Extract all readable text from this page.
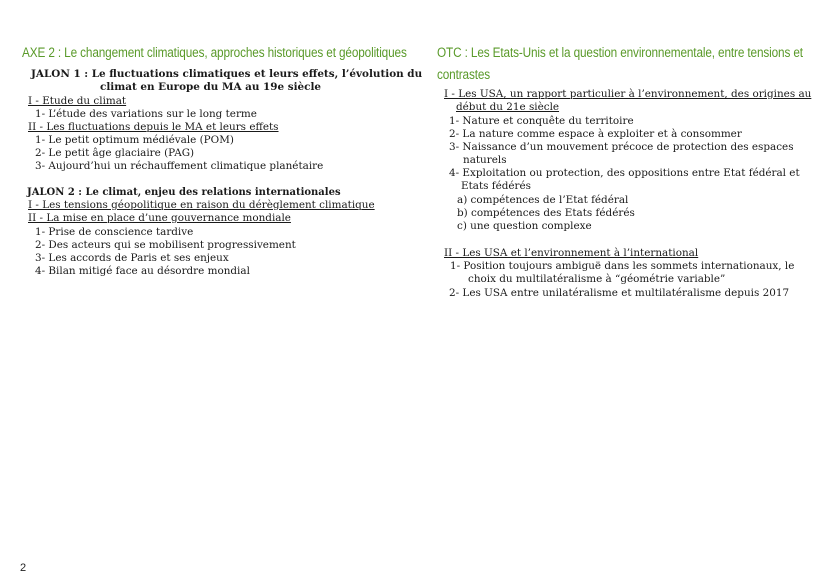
AXE 2 : Le changement climatiques, approches historiques et géopolitiques
JALON 1 : Le fluctuations climatiques et leurs effets, l’évolution du
climat en Europe du MA au 19e siècle
I - Etude du climat
1- L’étude des variations sur le long terme
II - Les fluctuations depuis le MA et leurs effets
1- Le petit optimum médiévale (POM)
2- Le petit âge glaciaire (PAG)
3- Aujourd’hui un réchauffement climatique planétaire
JALON 2 : Le climat, enjeu des relations internationales
I - Les tensions géopolitique en raison du dérèglement climatique
II - La mise en place d’une gouvernance mondiale
1- Prise de conscience tardive
2- Des acteurs qui se mobilisent progressivement
3- Les accords de Paris et ses enjeux
4- Bilan mitigé face au désordre mondial
OTC : Les Etats-Unis et la question environnementale, entre tensions et
contrastes
I - Les USA, un rapport particulier à l’environnement, des origines au
début du 21e siècle
1- Nature et conquête du territoire
2- La nature comme espace à exploiter et à consommer
3- Naissance d’un mouvement précoce de protection des espaces
naturels
4- Exploitation ou protection, des oppositions entre Etat fédéral et
Etats fédérés
a) compétences de l’Etat fédéral
b) compétences des Etats fédérés
c) une question complexe
II - Les USA et l’environnement à l’international
1- Position toujours ambiguë dans les sommets internationaux, le
choix du multilatéralisme à “géométrie variable”
2- Les USA entre unilatéralisme et multilatéralisme depuis 2017
2
